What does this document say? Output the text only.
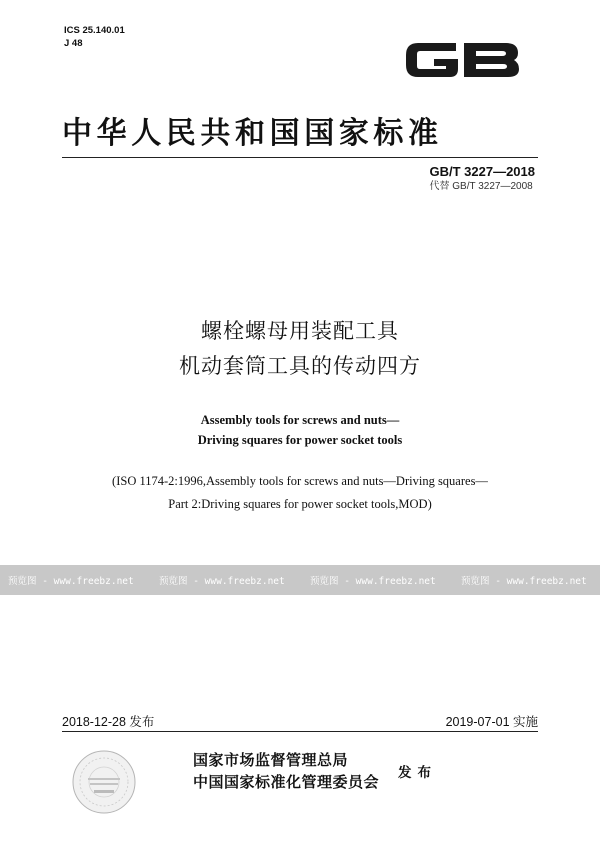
ICS 25.140.01
J 48
中华人民共和国国家标准
GB/T 3227—2018
代替 GB/T 3227—2008
螺栓螺母用装配工具
机动套筒工具的传动四方
Assembly tools for screws and nuts—
Driving squares for power socket tools
(ISO 1174-2:1996,Assembly tools for screws and nuts—Driving squares—
Part 2:Driving squares for power socket tools,MOD)
预览图 - www.freebz.net	预览图 - www.freebz.net	预览图 - www.freebz.net	预览图 - www.freebz.net
2018-12-28 发布	2019-07-01 实施
国家市场监督管理总局
中国国家标准化管理委员会 发布
